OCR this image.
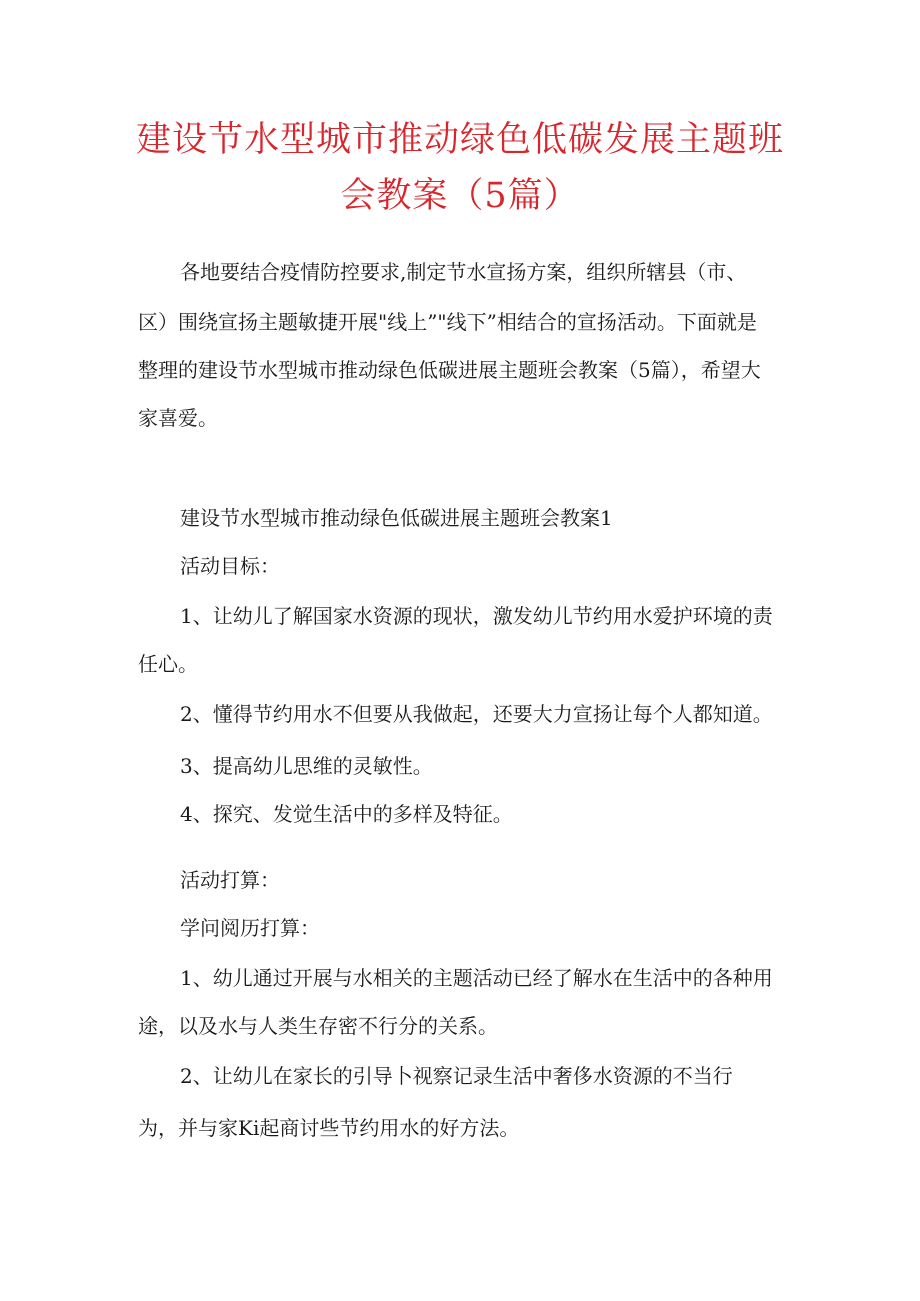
建设节水型城市推动绿色低碳发展主题班
会教案（5篇）

各地要结合疫情防控要求,制定节水宣扬方案，组织所辖县（市、

区）围绕宣扬主题敏捷开展"线上”"线下”相结合的宣扬活动。下面就是

整理的建设节水型城市推动绿色低碳进展主题班会教案（5篇），希望大

家喜爱。

建设节水型城市推动绿色低碳进展主题班会教案1

活动目标：

1、让幼儿了解国家水资源的现状，激发幼儿节约用水爱护环境的责

任心。

2、懂得节约用水不但要从我做起，还要大力宣扬让每个人都知道。

3、提高幼儿思维的灵敏性。

4、探究、发觉生活中的多样及特征。

活动打算：

学问阅历打算：

1、幼儿通过开展与水相关的主题活动已经了解水在生活中的各种用

途，以及水与人类生存密不行分的关系。

2、让幼儿在家长的引导卜视察记录生活中奢侈水资源的不当行

为，并与家Ki起商讨些节约用水的好方法。
